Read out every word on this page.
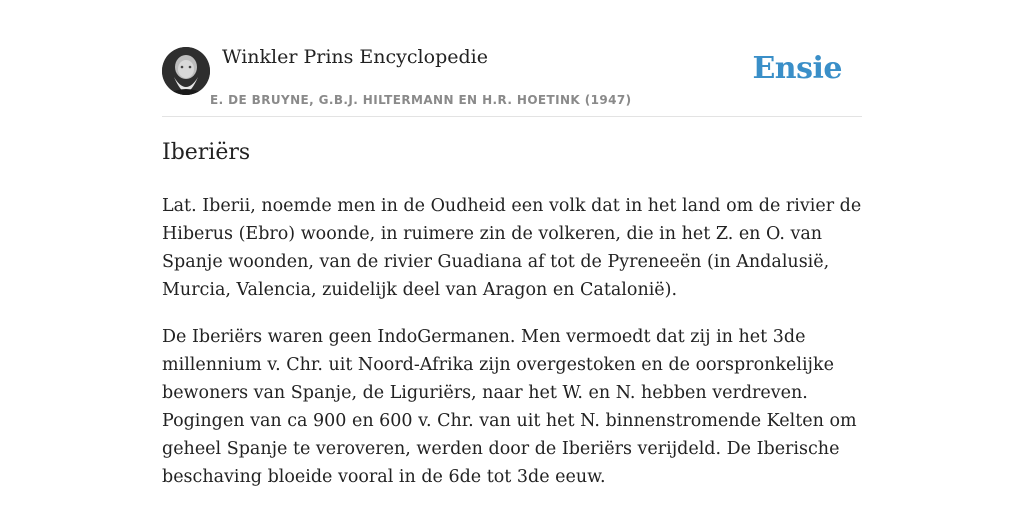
Winkler Prins Encyclopedie
E. DE BRUYNE, G.B.J. HILTERMANN EN H.R. HOETINK (1947)
Ensie
Iberiërs

Lat. Iberii, noemde men in de Oudheid een volk dat in het land om de rivier de Hiberus (Ebro) woonde, in ruimere zin de volkeren, die in het Z. en O. van Spanje woonden, van de rivier Guadiana af tot de Pyreneeën (in Andalusië, Murcia, Valencia, zuidelijk deel van Aragon en Catalonië).

De Iberiërs waren geen IndoGermanen. Men vermoedt dat zij in het 3de millennium v. Chr. uit Noord-Afrika zijn overgestoken en de oorspronkelijke bewoners van Spanje, de Liguriërs, naar het W. en N. hebben verdreven. Pogingen van ca 900 en 600 v. Chr. van uit het N. binnenstromende Kelten om geheel Spanje te veroveren, werden door de Iberiërs verijdeld. De Iberische beschaving bloeide vooral in de 6de tot 3de eeuw.
